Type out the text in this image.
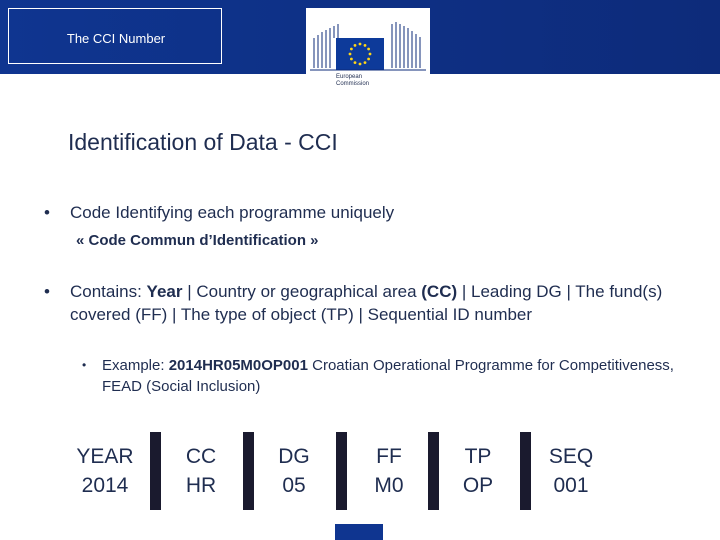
The CCI Number
European
Commission
Identification of Data - CCI
• Code Identifying each programme uniquely
« Code Commun d’Identification »
• Contains: Year | Country or geographical area (CC) | Leading DG | The fund(s) covered (FF) | The type of object (TP) | Sequential ID number
• Example: 2014HR05M0OP001 Croatian Operational Programme for Competitiveness, FEAD (Social Inclusion)
YEAR
2014
CC
HR
DG
05
FF
M0
TP
OP
SEQ
001
